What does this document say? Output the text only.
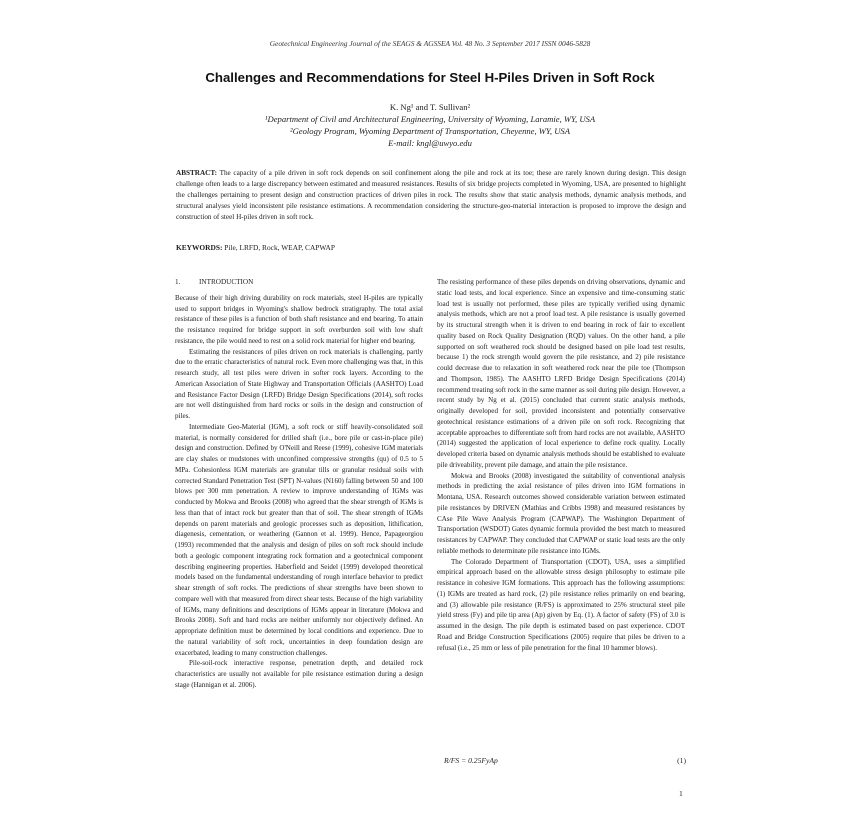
Geotechnical Engineering Journal of the SEAGS & AGSSEA Vol. 48 No. 3 September 2017 ISSN 0046-5828
Challenges and Recommendations for Steel H-Piles Driven in Soft Rock
K. Ng¹ and T. Sullivan²
¹Department of Civil and Architectural Engineering, University of Wyoming, Laramie, WY, USA
²Geology Program, Wyoming Department of Transportation, Cheyenne, WY, USA
E-mail: kngl@uwyo.edu
ABSTRACT: The capacity of a pile driven in soft rock depends on soil confinement along the pile and rock at its toe; these are rarely known during design. This design challenge often leads to a large discrepancy between estimated and measured resistances. Results of six bridge projects completed in Wyoming, USA, are presented to highlight the challenges pertaining to present design and construction practices of driven piles in rock. The results show that static analysis methods, dynamic analysis methods, and structural analyses yield inconsistent pile resistance estimations. A recommendation considering the structure-geo-material interaction is proposed to improve the design and construction of steel H-piles driven in soft rock.
KEYWORDS: Pile, LRFD, Rock, WEAP, CAPWAP
1.	INTRODUCTION

Because of their high driving durability on rock materials, steel H-piles are typically used to support bridges in Wyoming's shallow bedrock stratigraphy. The total axial resistance of these piles is a function of both shaft resistance and end bearing. To attain the resistance required for bridge support in soft overburden soil with low shaft resistance, the pile would need to rest on a solid rock material for higher end bearing.

Estimating the resistances of piles driven on rock materials is challenging, partly due to the erratic characteristics of natural rock. Even more challenging was that, in this research study, all test piles were driven in softer rock layers. According to the American Association of State Highway and Transportation Officials (AASHTO) Load and Resistance Factor Design (LRFD) Bridge Design Specifications (2014), soft rocks are not well distinguished from hard rocks or soils in the design and construction of piles.

Intermediate Geo-Material (IGM), a soft rock or stiff heavily-consolidated soil material, is normally considered for drilled shaft (i.e., bore pile or cast-in-place pile) design and construction. Defined by O'Neill and Reese (1999), cohesive IGM materials are clay shales or mudstones with unconfined compressive strengths (qu) of 0.5 to 5 MPa. Cohesionless IGM materials are granular tills or granular residual soils with corrected Standard Penetration Test (SPT) N-values (N160) falling between 50 and 100 blows per 300 mm penetration. A review to improve understanding of IGMs was conducted by Mokwa and Brooks (2008) who agreed that the shear strength of IGMs is less than that of intact rock but greater than that of soil. The shear strength of IGMs depends on parent materials and geologic processes such as deposition, lithification, diagenesis, cementation, or weathering (Gannon et al. 1999). Hence, Papageorgiou (1993) recommended that the analysis and design of piles on soft rock should include both a geologic component integrating rock formation and a geotechnical component describing engineering properties. Haberfield and Seidel (1999) developed theoretical models based on the fundamental understanding of rough interface behavior to predict shear strength of soft rocks. The predictions of shear strengths have been shown to compare well with that measured from direct shear tests. Because of the high variability of IGMs, many definitions and descriptions of IGMs appear in literature (Mokwa and Brooks 2008). Soft and hard rocks are neither uniformly nor objectively defined. An appropriate definition must be determined by local conditions and experience. Due to the natural variability of soft rock, uncertainties in deep foundation design are exacerbated, leading to many construction challenges.

Pile-soil-rock interactive response, penetration depth, and detailed rock characteristics are usually not available for pile resistance estimation during a design stage (Hannigan et al. 2006).

The resisting performance of these piles depends on driving observations, dynamic and static load tests, and local experience. Since an expensive and time-consuming static load test is usually not performed, these piles are typically verified using dynamic analysis methods, which are not a proof load test. A pile resistance is usually governed by its structural strength when it is driven to end bearing in rock of fair to excellent quality based on Rock Quality Designation (RQD) values. On the other hand, a pile supported on soft weathered rock should be designed based on pile load test results, because 1) the rock strength would govern the pile resistance, and 2) pile resistance could decrease due to relaxation in soft weathered rock near the pile toe (Thompson and Thompson, 1985). The AASHTO LRFD Bridge Design Specifications (2014) recommend treating soft rock in the same manner as soil during pile design. However, a recent study by Ng et al. (2015) concluded that current static analysis methods, originally developed for soil, provided inconsistent and potentially conservative geotechnical resistance estimations of a driven pile on soft rock. Recognizing that acceptable approaches to differentiate soft from hard rocks are not available, AASHTO (2014) suggested the application of local experience to define rock quality. Locally developed criteria based on dynamic analysis methods should be established to evaluate pile driveability, prevent pile damage, and attain the pile resistance.

Mokwa and Brooks (2008) investigated the suitability of conventional analysis methods in predicting the axial resistance of piles driven into IGM formations in Montana, USA. Research outcomes showed considerable variation between estimated pile resistances by DRIVEN (Mathias and Cribbs 1998) and measured resistances by CAse Pile Wave Analysis Program (CAPWAP). The Washington Department of Transportation (WSDOT) Gates dynamic formula provided the best match to measured resistances by CAPWAP. They concluded that CAPWAP or static load tests are the only reliable methods to determinate pile resistance into IGMs.

The Colorado Department of Transportation (CDOT), USA, uses a simplified empirical approach based on the allowable stress design philosophy to estimate pile resistance in cohesive IGM formations. This approach has the following assumptions: (1) IGMs are treated as hard rock, (2) pile resistance relies primarily on end bearing, and (3) allowable pile resistance (R/FS) is approximated to 25% structural steel pile yield stress (Fy) and pile tip area (Ap) given by Eq. (1). A factor of safety (FS) of 3.0 is assumed in the design. The pile depth is estimated based on past experience. CDOT Road and Bridge Construction Specifications (2005) require that piles be driven to a refusal (i.e., 25 mm or less of pile penetration for the final 10 hammer blows).

R/FS = 0.25FyAp	(1)
1
